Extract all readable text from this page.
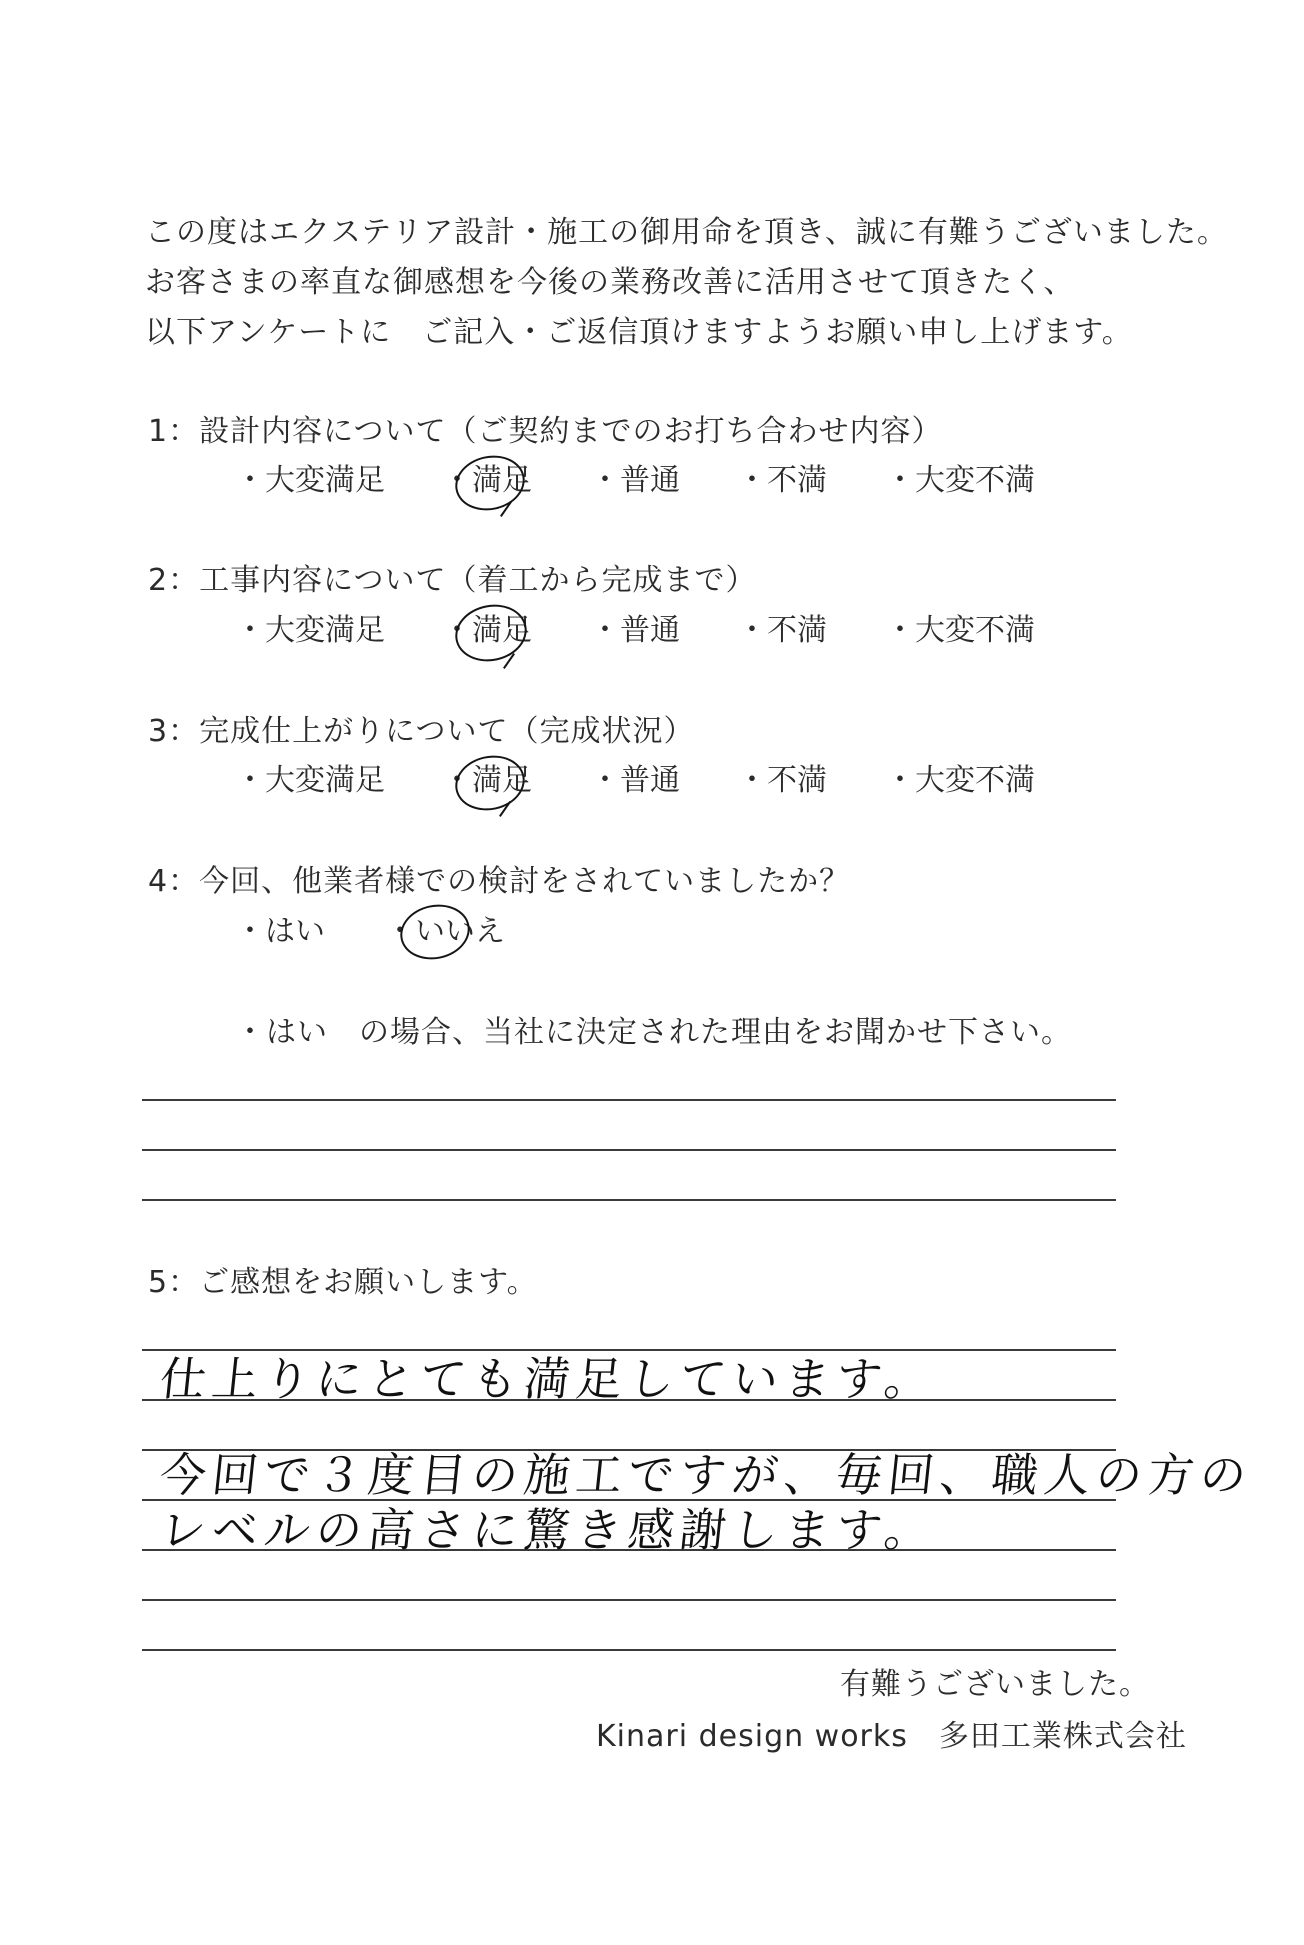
この度はエクステリア設計・施工の御用命を頂き、誠に有難うございました。
お客さまの率直な御感想を今後の業務改善に活用させて頂きたく、
以下アンケートに　ご記入・ご返信頂けますようお願い申し上げます。
1：設計内容について（ご契約までのお打ち合わせ内容）
・大変満足 ・満足 ・普通 ・不満 ・大変不満
2：工事内容について（着工から完成まで）
・大変満足 ・満足 ・普通 ・不満 ・大変不満
3：完成仕上がりについて（完成状況）
・大変満足 ・満足 ・普通 ・不満 ・大変不満
4：今回、他業者様での検討をされていましたか？
・はい ・いいえ
・はい　の場合、当社に決定された理由をお聞かせ下さい。
5：ご感想をお願いします。
仕上りにとても満足しています。
今回で３度目の施工ですが、毎回、職人の方の
レベルの高さに驚き感謝します。
有難うございました。
Kinari design works　多田工業株式会社
